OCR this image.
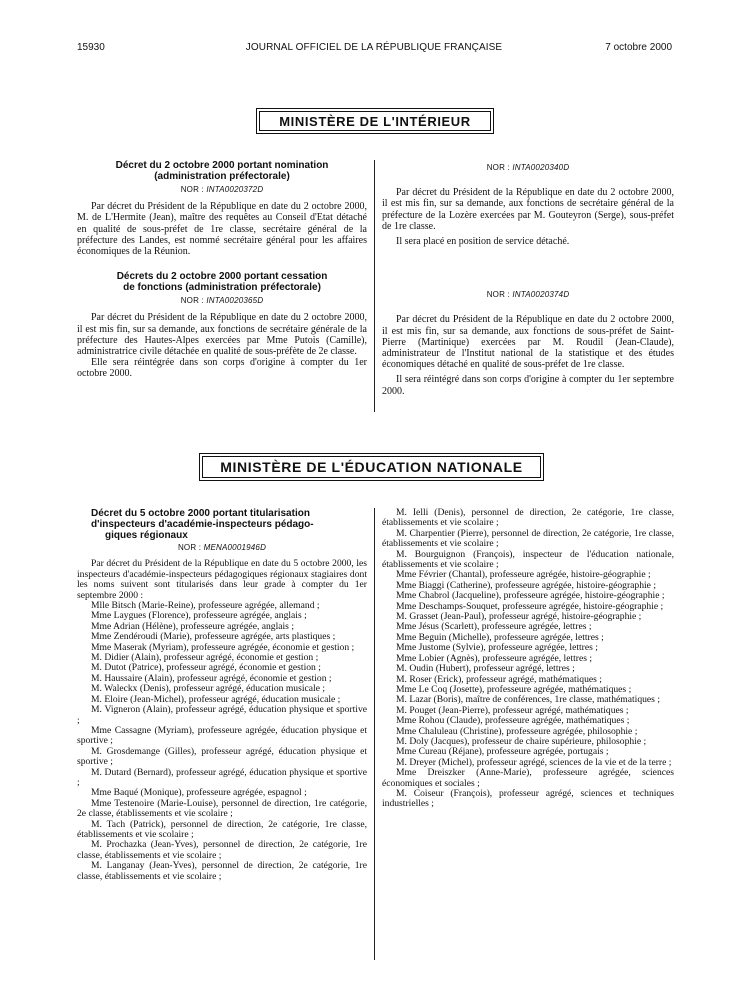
15930	JOURNAL OFFICIEL DE LA RÉPUBLIQUE FRANÇAISE	7 octobre 2000
MINISTÈRE DE L'INTÉRIEUR
Décret du 2 octobre 2000 portant nomination
(administration préfectorale)
NOR : INTA0020372D

Par décret du Président de la République en date du 2 octobre 2000, M. de L'Hermite (Jean), maître des requêtes au Conseil d'Etat détaché en qualité de sous-préfet de 1re classe, secrétaire général de la préfecture des Landes, est nommé secrétaire général pour les affaires économiques de la Réunion.

Décrets du 2 octobre 2000 portant cessation
de fonctions (administration préfectorale)
NOR : INTA0020365D

Par décret du Président de la République en date du 2 octobre 2000, il est mis fin, sur sa demande, aux fonctions de secrétaire générale de la préfecture des Hautes-Alpes exercées par Mme Putois (Camille), administratrice civile détachée en qualité de sous-préfète de 2e classe.

Elle sera réintégrée dans son corps d'origine à compter du 1er octobre 2000.

NOR : INTA0020340D

Par décret du Président de la République en date du 2 octobre 2000, il est mis fin, sur sa demande, aux fonctions de secrétaire général de la préfecture de la Lozère exercées par M. Gouteyron (Serge), sous-préfet de 1re classe.

Il sera placé en position de service détaché.

NOR : INTA0020374D

Par décret du Président de la République en date du 2 octobre 2000, il est mis fin, sur sa demande, aux fonctions de sous-préfet de Saint-Pierre (Martinique) exercées par M. Roudil (Jean-Claude), administrateur de l'Institut national de la statistique et des études économiques détaché en qualité de sous-préfet de 1re classe.

Il sera réintégré dans son corps d'origine à compter du 1er septembre 2000.

MINISTÈRE DE L'ÉDUCATION NATIONALE
Décret du 5 octobre 2000 portant titularisation
d'inspecteurs d'académie-inspecteurs pédago-
giques régionaux
NOR : MENA0001946D

Par décret du Président de la République en date du 5 octobre 2000, les inspecteurs d'académie-inspecteurs pédagogiques régionaux stagiaires dont les noms suivent sont titularisés dans leur grade à compter du 1er septembre 2000 :

Mlle Bitsch (Marie-Reine), professeure agrégée, allemand ;

Mme Laygues (Florence), professeure agrégée, anglais ;

Mme Adrian (Hélène), professeure agrégée, anglais ;

Mme Zendéroudi (Marie), professeure agrégée, arts plastiques ;

Mme Maserak (Myriam), professeure agrégée, économie et gestion ;

M. Didier (Alain), professeur agrégé, économie et gestion ;

M. Dutot (Patrice), professeur agrégé, économie et gestion ;

M. Haussaire (Alain), professeur agrégé, économie et gestion ;

M. Waleckx (Denis), professeur agrégé, éducation musicale ;

M. Eloire (Jean-Michel), professeur agrégé, éducation musicale ;

M. Vigneron (Alain), professeur agrégé, éducation physique et sportive ;

Mme Cassagne (Myriam), professeure agrégée, éducation physique et sportive ;

M. Grosdemange (Gilles), professeur agrégé, éducation physique et sportive ;

M. Dutard (Bernard), professeur agrégé, éducation physique et sportive ;

Mme Baqué (Monique), professeure agrégée, espagnol ;

Mme Testenoire (Marie-Louise), personnel de direction, 1re catégorie, 2e classe, établissements et vie scolaire ;

M. Tach (Patrick), personnel de direction, 2e catégorie, 1re classe, établissements et vie scolaire ;

M. Prochazka (Jean-Yves), personnel de direction, 2e catégorie, 1re classe, établissements et vie scolaire ;

M. Langanay (Jean-Yves), personnel de direction, 2e catégorie, 1re classe, établissements et vie scolaire ;

M. Ielli (Denis), personnel de direction, 2e catégorie, 1re classe, établissements et vie scolaire ;

M. Charpentier (Pierre), personnel de direction, 2e catégorie, 1re classe, établissements et vie scolaire ;

M. Bourguignon (François), inspecteur de l'éducation nationale, établissements et vie scolaire ;

Mme Février (Chantal), professeure agrégée, histoire-géographie ;

Mme Biaggi (Catherine), professeure agrégée, histoire-géographie ;

Mme Chabrol (Jacqueline), professeure agrégée, histoire-géographie ;

Mme Deschamps-Souquet, professeure agrégée, histoire-géographie ;

M. Grasset (Jean-Paul), professeur agrégé, histoire-géographie ;

Mme Jésus (Scarlett), professeure agrégée, lettres ;

Mme Beguin (Michelle), professeure agrégée, lettres ;

Mme Justome (Sylvie), professeure agrégée, lettres ;

Mme Lobier (Agnès), professeure agrégée, lettres ;

M. Oudin (Hubert), professeur agrégé, lettres ;

M. Roser (Erick), professeur agrégé, mathématiques ;

Mme Le Coq (Josette), professeure agrégée, mathématiques ;

M. Lazar (Boris), maître de conférences, 1re classe, mathématiques ;

M. Pouget (Jean-Pierre), professeur agrégé, mathématiques ;

Mme Rohou (Claude), professeure agrégée, mathématiques ;

Mme Chaluleau (Christine), professeure agrégée, philosophie ;

M. Doly (Jacques), professeur de chaire supérieure, philosophie ;

Mme Cureau (Réjane), professeure agrégée, portugais ;

M. Dreyer (Michel), professeur agrégé, sciences de la vie et de la terre ;

Mme Dreiszker (Anne-Marie), professeure agrégée, sciences économiques et sociales ;

M. Coiseur (François), professeur agrégé, sciences et techniques industrielles ;
